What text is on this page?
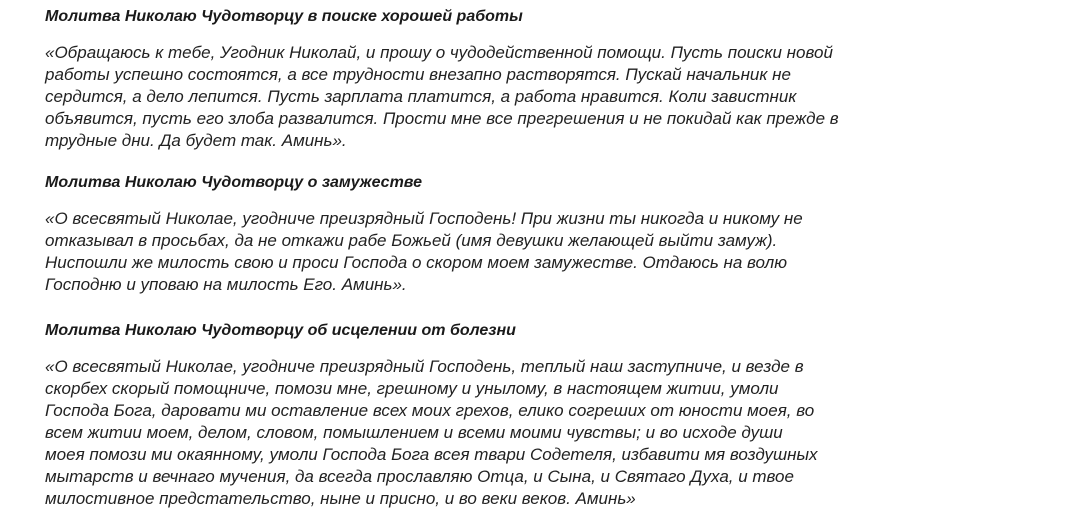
Молитва Николаю Чудотворцу в поиске хорошей работы

«Обращаюсь к тебе, Угодник Николай, и прошу о чудодейственной помощи. Пусть поиски новой
работы успешно состоятся, а все трудности внезапно растворятся. Пускай начальник не
сердится, а дело лепится. Пусть зарплата платится, а работа нравится. Коли завистник
объявится, пусть его злоба развалится. Прости мне все прегрешения и не покидай как прежде в
трудные дни. Да будет так. Аминь».

Молитва Николаю Чудотворцу о замужестве

«О всесвятый Николае, угодниче преизрядный Господень! При жизни ты никогда и никому не
отказывал в просьбах, да не откажи рабе Божьей (имя девушки желающей выйти замуж).
Ниспошли же милость свою и проси Господа о скором моем замужестве. Отдаюсь на волю
Господню и уповаю на милость Его. Аминь».

Молитва Николаю Чудотворцу об исцелении от болезни

«О всесвятый Николае, угодниче преизрядный Господень, теплый наш заступниче, и везде в
скорбех скорый помощниче, помози мне, грешному и унылому, в настоящем житии, умоли
Господа Бога, даровати ми оставление всех моих грехов, елико согреших от юности моея, во
всем житии моем, делом, словом, помышлением и всеми моими чувствы; и во исходе души
моея помози ми окаянному, умоли Господа Бога всея твари Содетеля, избавити мя воздушных
мытарств и вечнаго мучения, да всегда прославляю Отца, и Сына, и Святаго Духа, и твое
милостивное предстательство, ныне и присно, и во веки веков. Аминь»
